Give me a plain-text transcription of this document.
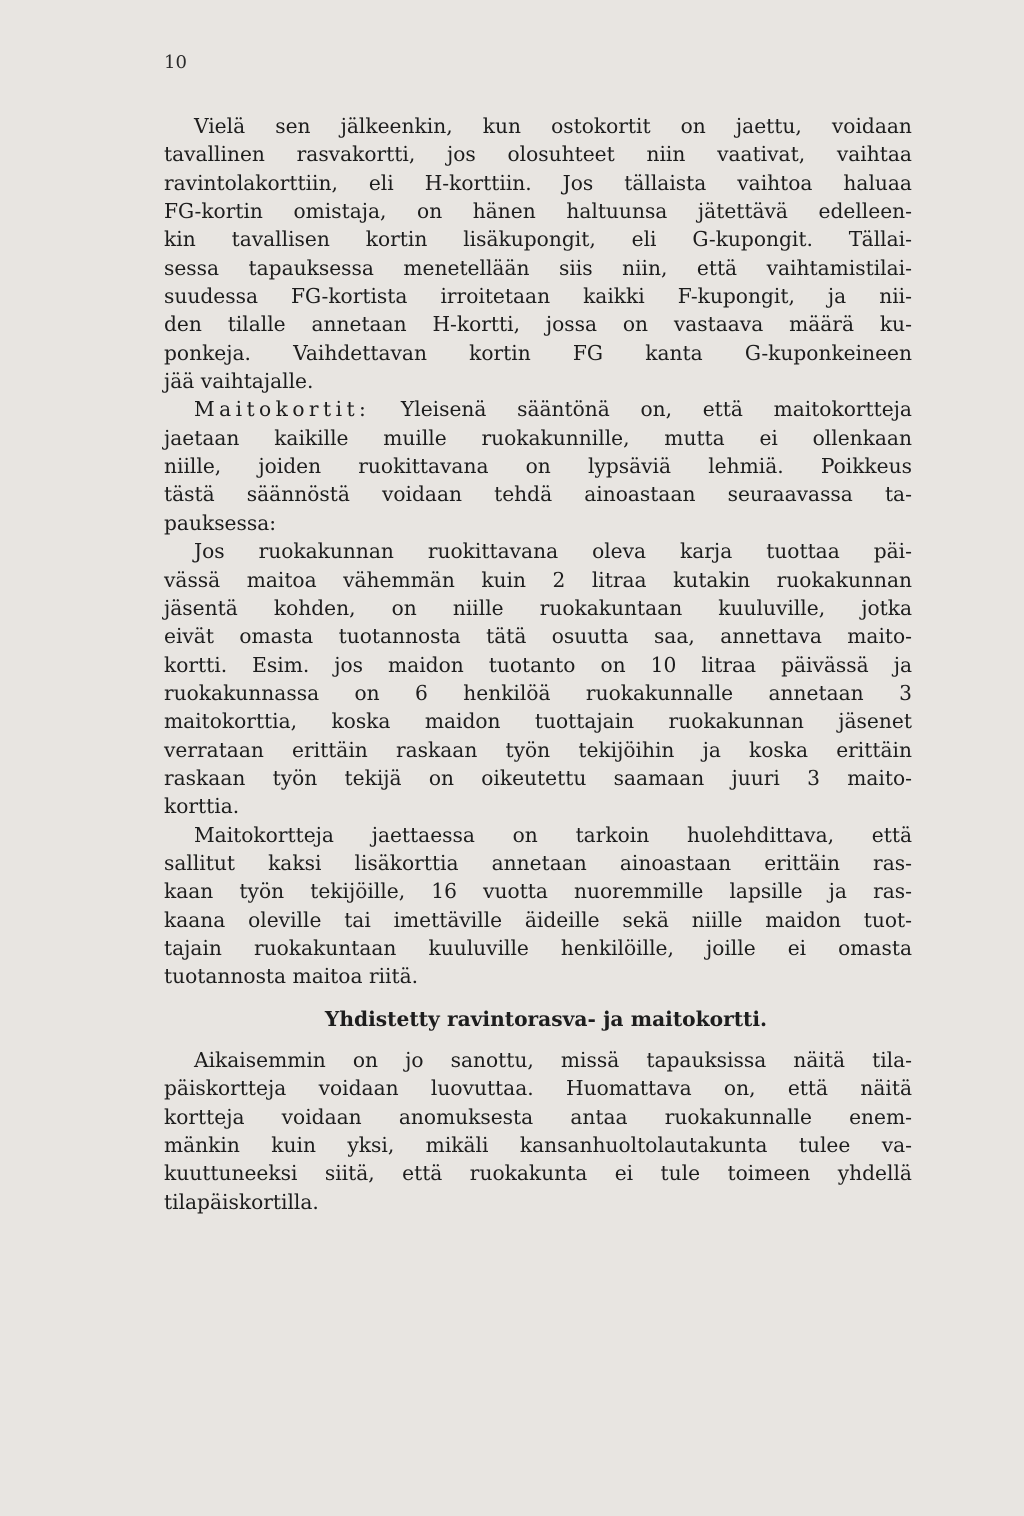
10
Vielä sen jälkeenkin, kun ostokortit on jaettu, voidaan
tavallinen rasvakortti, jos olosuhteet niin vaativat, vaihtaa
ravintolakorttiin, eli H-korttiin. Jos tällaista vaihtoa haluaa
FG-kortin omistaja, on hänen haltuunsa jätettävä edelleen-
kin tavallisen kortin lisäkupongit, eli G-kupongit. Tällai-
sessa tapauksessa menetellään siis niin, että vaihtamistilai-
suudessa FG-kortista irroitetaan kaikki F-kupongit, ja nii-
den tilalle annetaan H-kortti, jossa on vastaava määrä ku-
ponkeja. Vaihdettavan kortin FG kanta G-kuponkeineen
jää vaihtajalle.
Maitokortit: Yleisenä sääntönä on, että maitokortteja
jaetaan kaikille muille ruokakunnille, mutta ei ollenkaan
niille, joiden ruokittavana on lypsäviä lehmiä. Poikkeus
tästä säännöstä voidaan tehdä ainoastaan seuraavassa ta-
pauksessa:
Jos ruokakunnan ruokittavana oleva karja tuottaa päi-
vässä maitoa vähemmän kuin 2 litraa kutakin ruokakunnan
jäsentä kohden, on niille ruokakuntaan kuuluville, jotka
eivät omasta tuotannosta tätä osuutta saa, annettava maito-
kortti. Esim. jos maidon tuotanto on 10 litraa päivässä ja
ruokakunnassa on 6 henkilöä ruokakunnalle annetaan 3
maitokorttia, koska maidon tuottajain ruokakunnan jäsenet
verrataan erittäin raskaan työn tekijöihin ja koska erittäin
raskaan työn tekijä on oikeutettu saamaan juuri 3 maito-
korttia.
Maitokortteja jaettaessa on tarkoin huolehdittava, että
sallitut kaksi lisäkorttia annetaan ainoastaan erittäin ras-
kaan työn tekijöille, 16 vuotta nuoremmille lapsille ja ras-
kaana oleville tai imettäville äideille sekä niille maidon tuot-
tajain ruokakuntaan kuuluville henkilöille, joille ei omasta
tuotannosta maitoa riitä.
Yhdistetty ravintorasva- ja maitokortti.
Aikaisemmin on jo sanottu, missä tapauksissa näitä tila-
päiskortteja voidaan luovuttaa. Huomattava on, että näitä
kortteja voidaan anomuksesta antaa ruokakunnalle enem-
mänkin kuin yksi, mikäli kansanhuoltolautakunta tulee va-
kuuttuneeksi siitä, että ruokakunta ei tule toimeen yhdellä
tilapäiskortilla.
